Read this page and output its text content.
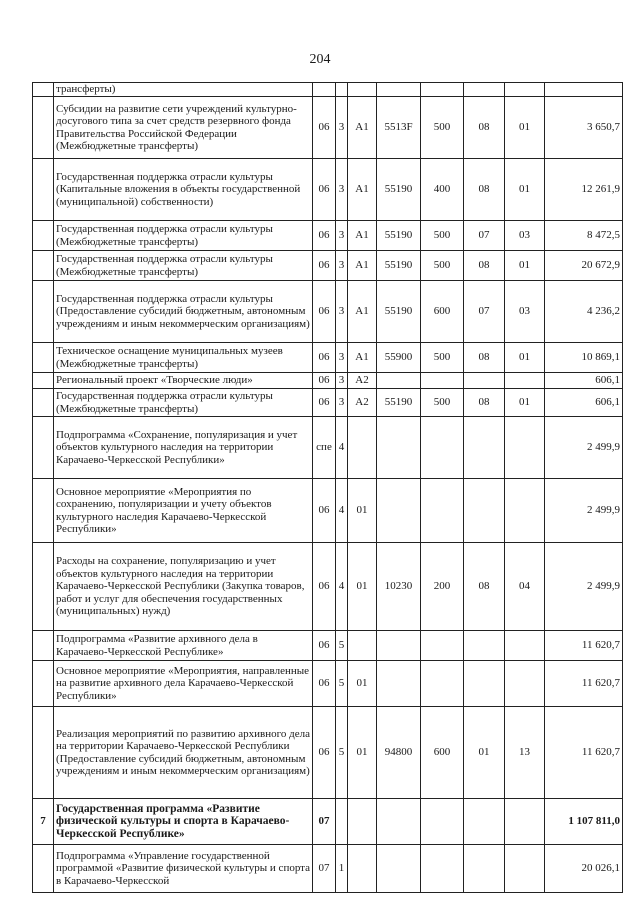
204
	трансферты)								
	Субсидии на развитие сети учреждений культурно-досугового типа за счет средств резервного фонда Правительства Российской Федерации (Межбюджетные трансферты)	06	3	А1	5513F	500	08	01	3 650,7
	Государственная поддержка отрасли культуры (Капитальные вложения в объекты государственной (муниципальной) собственности)	06	3	А1	55190	400	08	01	12 261,9
	Государственная поддержка отрасли культуры (Межбюджетные трансферты)	06	3	А1	55190	500	07	03	8 472,5
	Государственная поддержка отрасли культуры (Межбюджетные трансферты)	06	3	А1	55190	500	08	01	20 672,9
	Государственная поддержка отрасли культуры (Предоставление субсидий бюджетным, автономным учреждениям и иным некоммерческим организациям)	06	3	А1	55190	600	07	03	4 236,2
	Техническое оснащение муниципальных музеев (Межбюджетные трансферты)	06	3	А1	55900	500	08	01	10 869,1
	Региональный проект «Творческие люди»	06	3	А2					606,1
	Государственная поддержка отрасли культуры (Межбюджетные трансферты)	06	3	А2	55190	500	08	01	606,1
	Подпрограмма «Сохранение, популяризация и учет объектов культурного наследия на территории Карачаево-Черкесской Республики»	спе	4						2 499,9
	Основное мероприятие «Мероприятия по сохранению, популяризации и учету объектов культурного наследия Карачаево-Черкесской Республики»	06	4	01					2 499,9
	Расходы на сохранение, популяризацию и учет объектов культурного наследия на территории Карачаево-Черкесской Республики (Закупка товаров, работ и услуг для обеспечения государственных (муниципальных) нужд)	06	4	01	10230	200	08	04	2 499,9
	Подпрограмма «Развитие архивного дела в Карачаево-Черкесской Республике»	06	5						11 620,7
	Основное мероприятие «Мероприятия, направленные на развитие архивного дела Карачаево-Черкесской Республики»	06	5	01					11 620,7
	Реализация мероприятий по развитию архивного дела на территории Карачаево-Черкесской Республики (Предоставление субсидий бюджетным, автономным учреждениям и иным некоммерческим организациям)	06	5	01	94800	600	01	13	11 620,7
7	Государственная программа «Развитие физической культуры и спорта в Карачаево-Черкесской Республике»	07							1 107 811,0
	Подпрограмма «Управление государственной программой «Развитие физической культуры и спорта в Карачаево-Черкесской	07	1						20 026,1
